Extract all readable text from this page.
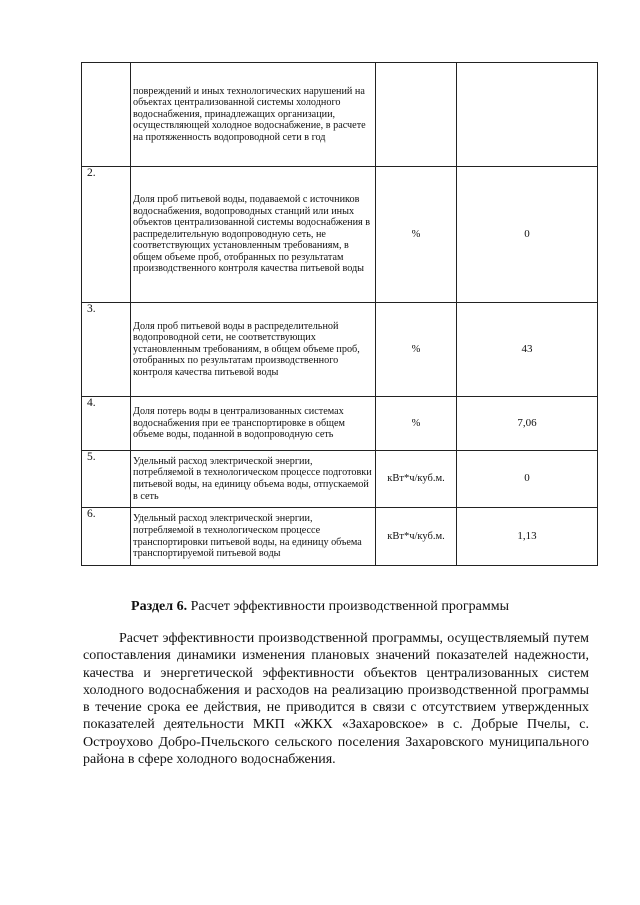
	повреждений и иных технологических нарушений на объектах централизованной системы холодного водоснабжения, принадлежащих организации, осуществляющей холодное водоснабжение, в расчете на протяженность водопроводной сети в год		
2.	Доля проб питьевой воды, подаваемой с источников водоснабжения, водопроводных станций или иных объектов централизованной системы водоснабжения в распределительную водопроводную сеть, не соответствующих установленным требованиям, в общем объеме проб, отобранных по результатам производственного контроля качества питьевой воды	%	0
3.	Доля проб питьевой воды в распределительной водопроводной сети, не соответствующих установленным требованиям, в общем объеме проб, отобранных по результатам производственного контроля качества питьевой воды	%	43
4.	Доля потерь воды в централизованных системах водоснабжения при ее транспортировке в общем объеме воды, поданной в водопроводную сеть	%	7,06
5.	Удельный расход электрической энергии, потребляемой в технологическом процессе подготовки питьевой воды, на единицу объема воды, отпускаемой в сеть	кВт*ч/куб.м.	0
6.	Удельный расход электрической энергии, потребляемой в технологическом процессе транспортировки питьевой воды, на единицу объема транспортируемой питьевой воды	кВт*ч/куб.м.	1,13
Раздел 6. Расчет эффективности производственной программы

Расчет эффективности производственной программы, осуществляемый путем сопоставления динамики изменения плановых значений показателей надежности, качества и энергетической эффективности объектов централизованных систем холодного водоснабжения и расходов на реализацию производственной программы в течение срока ее действия, не приводится в связи с отсутствием утвержденных показателей деятельности МКП «ЖКХ «Захаровское» в с. Добрые Пчелы, с. Остроухово Добро-Пчельского сельского поселения Захаровского муниципального района в сфере холодного водоснабжения.
